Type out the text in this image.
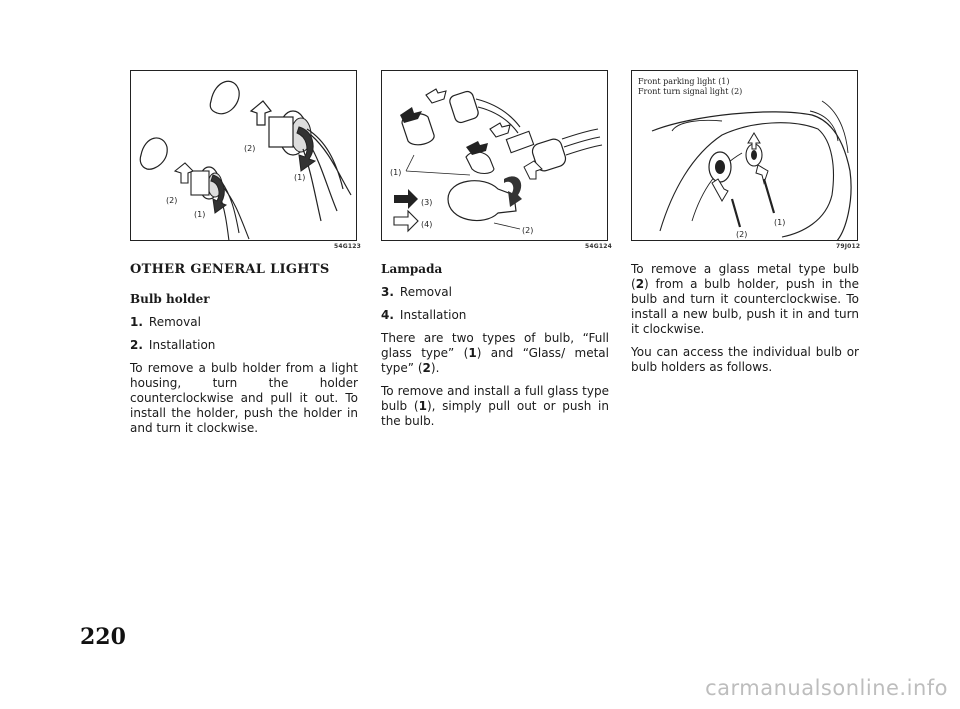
(2)
(1)
(2)
(1)
54G123
(1)
(3)
(4)
(2)
54G124
Front parking light (1)
Front turn signal light (2)
(1)
(2)
79J012
OTHER GENERAL LIGHTS
Bulb holder
1. Removal
2. Installation

To remove a bulb holder from a light housing, turn the holder counterclockwise and pull it out. To install the holder, push the holder in and turn it clockwise.

Lampada
3. Removal
4. Installation

There are two types of bulb, “Full glass type” (1) and “Glass/ metal type” (2).

To remove and install a full glass type bulb (1), simply pull out or push in the bulb.

To remove a glass metal type bulb (2) from a bulb holder, push in the bulb and turn it counterclockwise. To install a new bulb, push it in and turn it clockwise.

You can access the individual bulb or bulb holders as follows.

220
carmanualsonline.info
